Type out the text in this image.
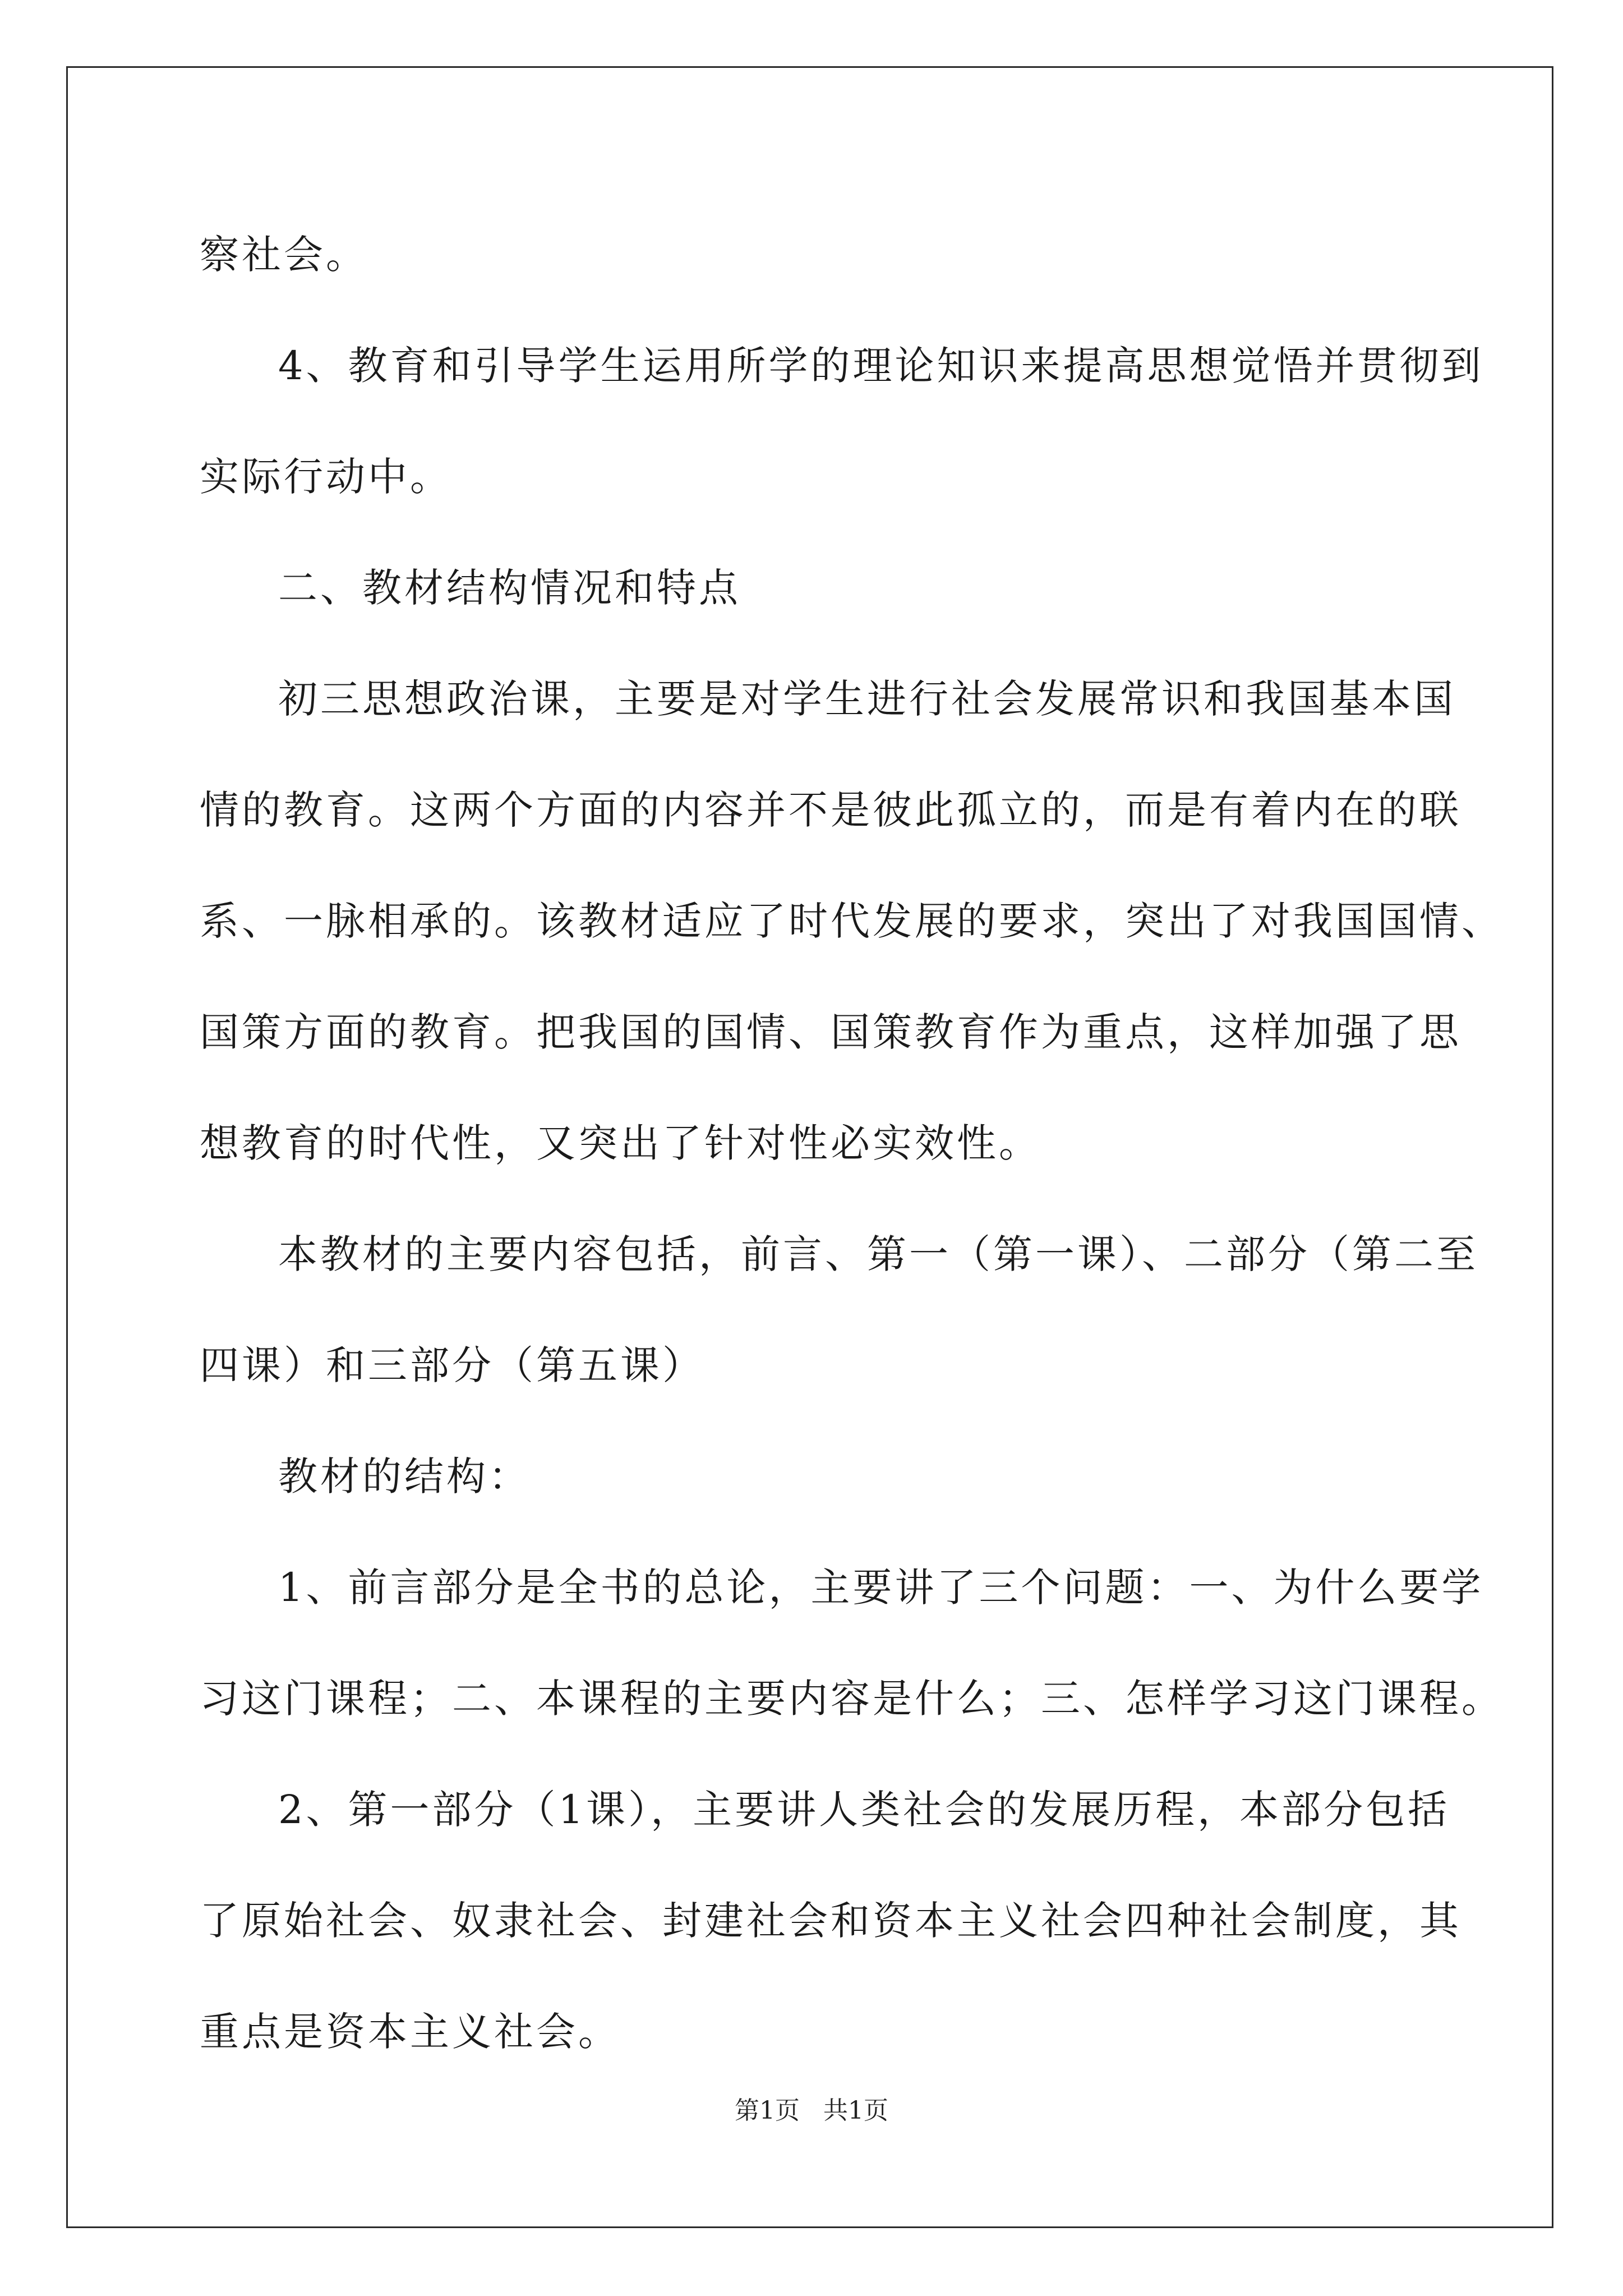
察社会。

4、教育和引导学生运用所学的理论知识来提高思想觉悟并贯彻到

实际行动中。

二、教材结构情况和特点

初三思想政治课，主要是对学生进行社会发展常识和我国基本国

情的教育。这两个方面的内容并不是彼此孤立的，而是有着内在的联

系、一脉相承的。该教材适应了时代发展的要求，突出了对我国国情、

国策方面的教育。把我国的国情、国策教育作为重点，这样加强了思

想教育的时代性，又突出了针对性必实效性。

本教材的主要内容包括，前言、第一（第一课）、二部分（第二至

四课）和三部分（第五课）

教材的结构：

1、前言部分是全书的总论，主要讲了三个问题：一、为什么要学

习这门课程；二、本课程的主要内容是什么；三、怎样学习这门课程。

2、第一部分（1课），主要讲人类社会的发展历程，本部分包括

了原始社会、奴隶社会、封建社会和资本主义社会四种社会制度，其

重点是资本主义社会。

第1页 共1页
